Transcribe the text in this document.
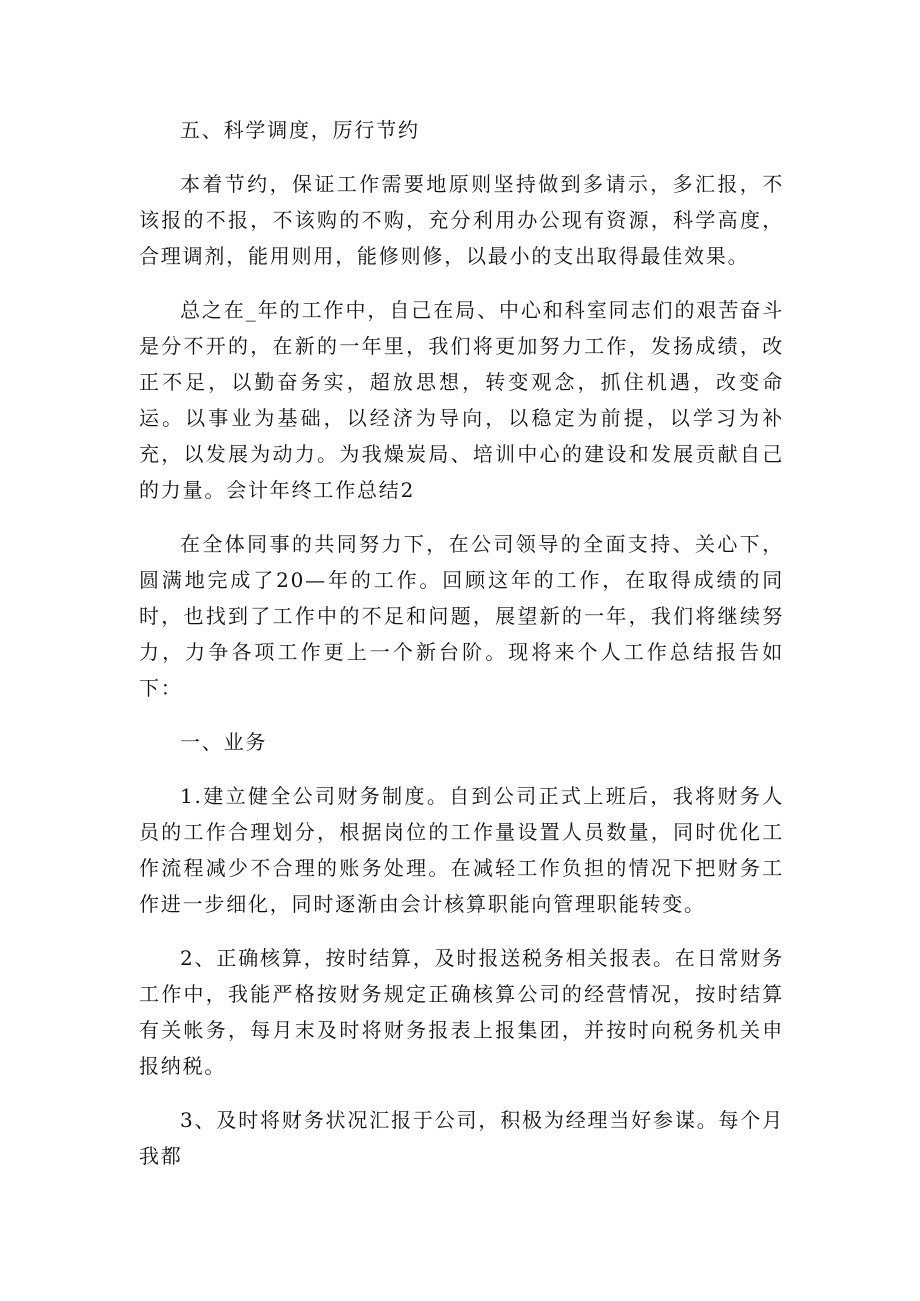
五、科学调度，厉行节约

本着节约，保证工作需要地原则坚持做到多请示，多汇报，不该报的不报，不该购的不购，充分利用办公现有资源，科学高度，合理调剂，能用则用，能修则修，以最小的支出取得最佳效果。

总之在_年的工作中，自己在局、中心和科室同志们的艰苦奋斗是分不开的，在新的一年里，我们将更加努力工作，发扬成绩，改正不足，以勤奋务实，超放思想，转变观念，抓住机遇，改变命运。以事业为基础，以经济为导向，以稳定为前提，以学习为补充，以发展为动力。为我燥炭局、培训中心的建设和发展贡献自己的力量。会计年终工作总结2

在全体同事的共同努力下，在公司领导的全面支持、关心下，圆满地完成了20—年的工作。回顾这年的工作，在取得成绩的同时，也找到了工作中的不足和问题，展望新的一年，我们将继续努力，力争各项工作更上一个新台阶。现将来个人工作总结报告如下：

一、业务

1.建立健全公司财务制度。自到公司正式上班后，我将财务人员的工作合理划分，根据岗位的工作量设置人员数量，同时优化工作流程减少不合理的账务处理。在减轻工作负担的情况下把财务工作进一步细化，同时逐渐由会计核算职能向管理职能转变。

2、正确核算，按时结算，及时报送税务相关报表。在日常财务工作中，我能严格按财务规定正确核算公司的经营情况，按时结算有关帐务，每月末及时将财务报表上报集团，并按时向税务机关申报纳税。

3、及时将财务状况汇报于公司，积极为经理当好参谋。每个月我都
